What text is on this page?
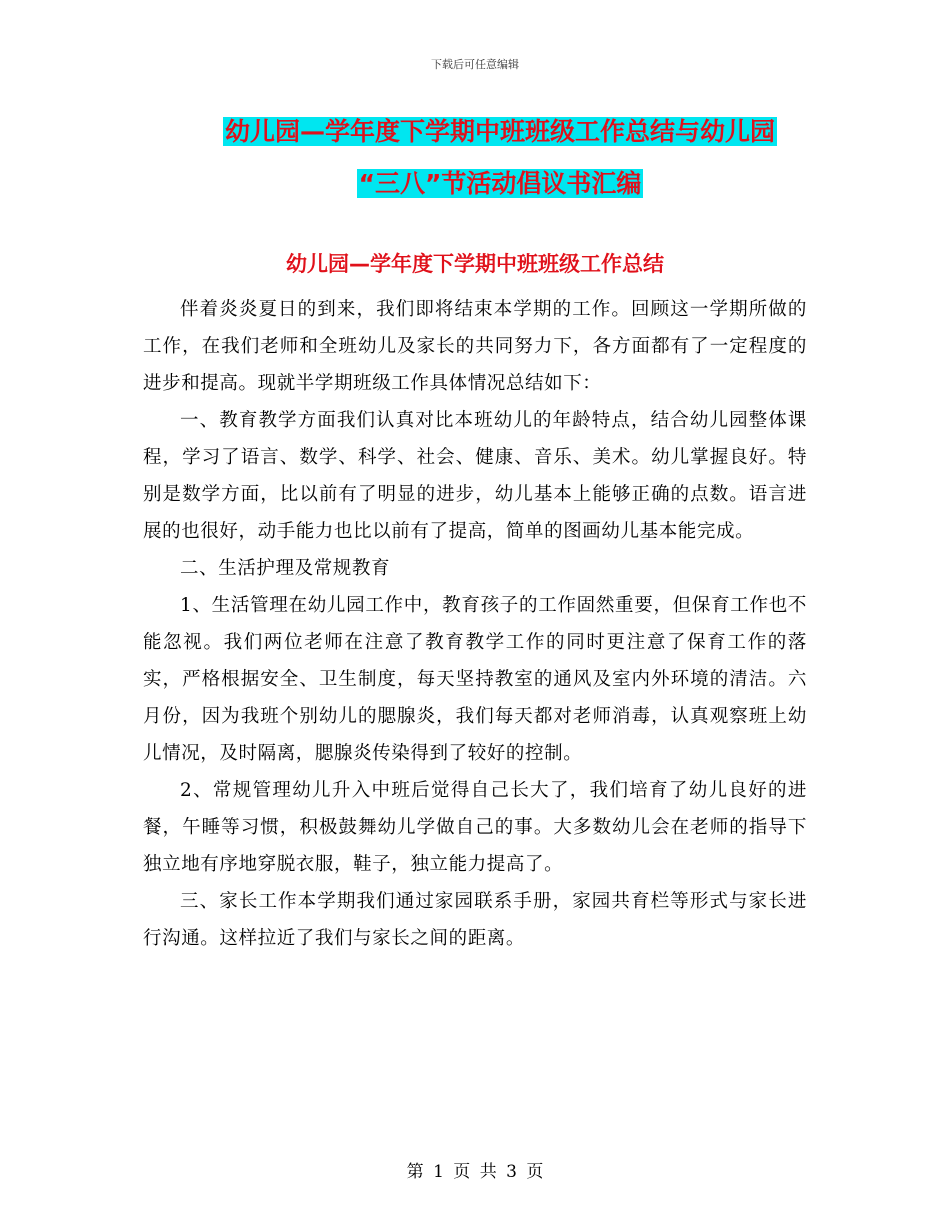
下载后可任意编辑
幼儿园—学年度下学期中班班级工作总结与幼儿园
“三八”节活动倡议书汇编
幼儿园—学年度下学期中班班级工作总结

伴着炎炎夏日的到来，我们即将结束本学期的工作。回顾这一学期所做的工作，在我们老师和全班幼儿及家长的共同努力下，各方面都有了一定程度的进步和提高。现就半学期班级工作具体情况总结如下：

一、教育教学方面我们认真对比本班幼儿的年龄特点，结合幼儿园整体课程，学习了语言、数学、科学、社会、健康、音乐、美术。幼儿掌握良好。特别是数学方面，比以前有了明显的进步，幼儿基本上能够正确的点数。语言进展的也很好，动手能力也比以前有了提高，简单的图画幼儿基本能完成。

二、生活护理及常规教育

1、生活管理在幼儿园工作中，教育孩子的工作固然重要，但保育工作也不能忽视。我们两位老师在注意了教育教学工作的同时更注意了保育工作的落实，严格根据安全、卫生制度，每天坚持教室的通风及室内外环境的清洁。六月份，因为我班个别幼儿的腮腺炎，我们每天都对老师消毒，认真观察班上幼儿情况，及时隔离，腮腺炎传染得到了较好的控制。

2、常规管理幼儿升入中班后觉得自己长大了，我们培育了幼儿良好的进餐，午睡等习惯，积极鼓舞幼儿学做自己的事。大多数幼儿会在老师的指导下独立地有序地穿脱衣服，鞋子，独立能力提高了。

三、家长工作本学期我们通过家园联系手册，家园共育栏等形式与家长进行沟通。这样拉近了我们与家长之间的距离。

第 1 页 共 3 页
